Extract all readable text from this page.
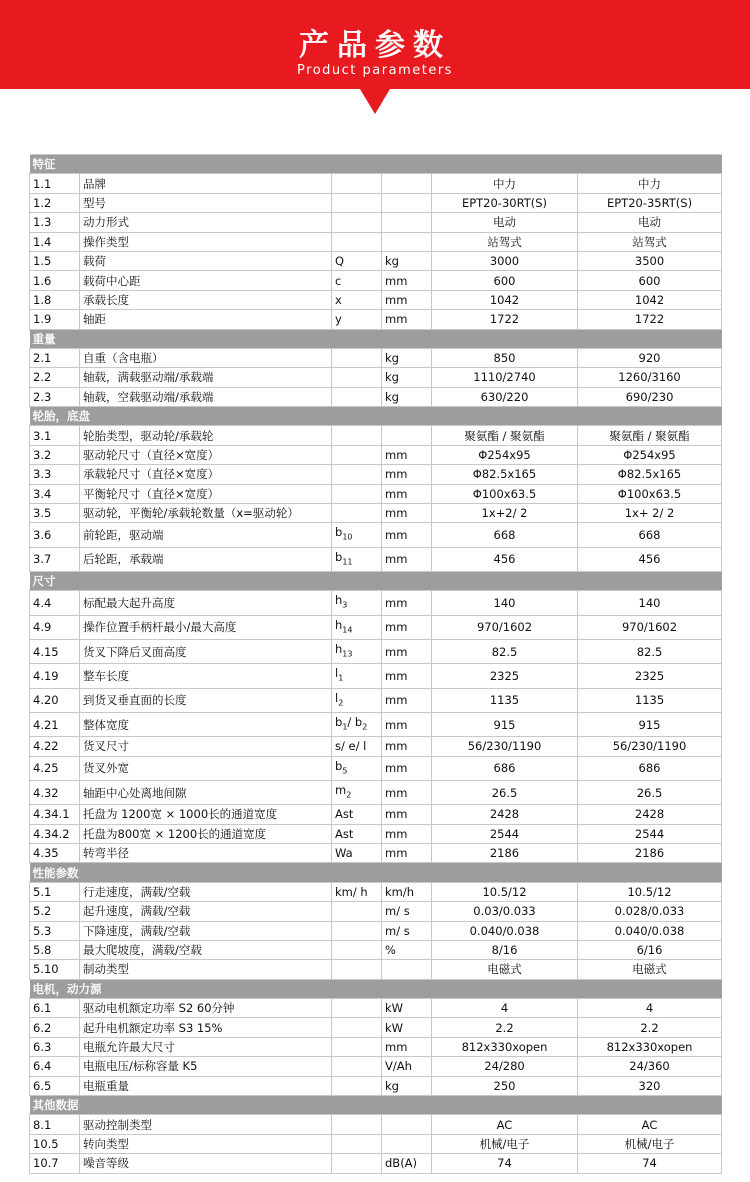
产品参数
Product parameters
特征					
1.1	品牌			中力	中力
1.2	型号			EPT20-30RT(S)	EPT20-35RT(S)
1.3	动力形式			电动	电动
1.4	操作类型			站驾式	站驾式
1.5	载荷	Q	kg	3000	3500
1.6	载荷中心距	c	mm	600	600
1.8	承载长度	x	mm	1042	1042
1.9	轴距	y	mm	1722	1722
重量					
2.1	自重（含电瓶）		kg	850	920
2.2	轴载，满载驱动端/承载端		kg	1110/2740	1260/3160
2.3	轴载，空载驱动端/承载端		kg	630/220	690/230
轮胎，底盘					
3.1	轮胎类型，驱动轮/承载轮			聚氨酯 / 聚氨酯	聚氨酯 / 聚氨酯
3.2	驱动轮尺寸（直径×宽度）		mm	Φ254x95	Φ254x95
3.3	承载轮尺寸（直径×宽度）		mm	Φ82.5x165	Φ82.5x165
3.4	平衡轮尺寸（直径×宽度）		mm	Φ100x63.5	Φ100x63.5
3.5	驱动轮，平衡轮/承载轮数量（x=驱动轮）		mm	1x+2/ 2	1x+ 2/ 2
3.6	前轮距，驱动端	$b_{10}$	mm	668	668
3.7	后轮距，承载端	$b_{11}$	mm	456	456
尺寸					
4.4	标配最大起升高度	$h_3$	mm	140	140
4.9	操作位置手柄杆最小/最大高度	$h_{14}$	mm	970/1602	970/1602
4.15	货叉下降后叉面高度	$h_{13}$	mm	82.5	82.5
4.19	整车长度	$l_1$	mm	2325	2325
4.20	到货叉垂直面的长度	$l_2$	mm	1135	1135
4.21	整体宽度	$b_1/$ $b_2$	mm	915	915
4.22	货叉尺寸	s/ e/ l	mm	56/230/1190	56/230/1190
4.25	货叉外宽	$b_5$	mm	686	686
4.32	轴距中心处离地间隙	$m_2$	mm	26.5	26.5
4.34.1	托盘为 1200宽 × 1000长的通道宽度	Ast	mm	2428	2428
4.34.2	托盘为800宽 × 1200长的通道宽度	Ast	mm	2544	2544
4.35	转弯半径	Wa	mm	2186	2186
性能参数					
5.1	行走速度，满载/空载	km/ h	km/h	10.5/12	10.5/12
5.2	起升速度，满载/空载		m/ s	0.03/0.033	0.028/0.033
5.3	下降速度，满载/空载		m/ s	0.040/0.038	0.040/0.038
5.8	最大爬坡度，满载/空载		%	8/16	6/16
5.10	制动类型			电磁式	电磁式
电机，动力源					
6.1	驱动电机额定功率 S2 60分钟		kW	4	4
6.2	起升电机额定功率 S3 15%		kW	2.2	2.2
6.3	电瓶允许最大尺寸		mm	812x330xopen	812x330xopen
6.4	电瓶电压/标称容量 K5		V/Ah	24/280	24/360
6.5	电瓶重量		kg	250	320
其他数据					
8.1	驱动控制类型			AC	AC
10.5	转向类型			机械/电子	机械/电子
10.7	噪音等级		dB(A)	74	74
